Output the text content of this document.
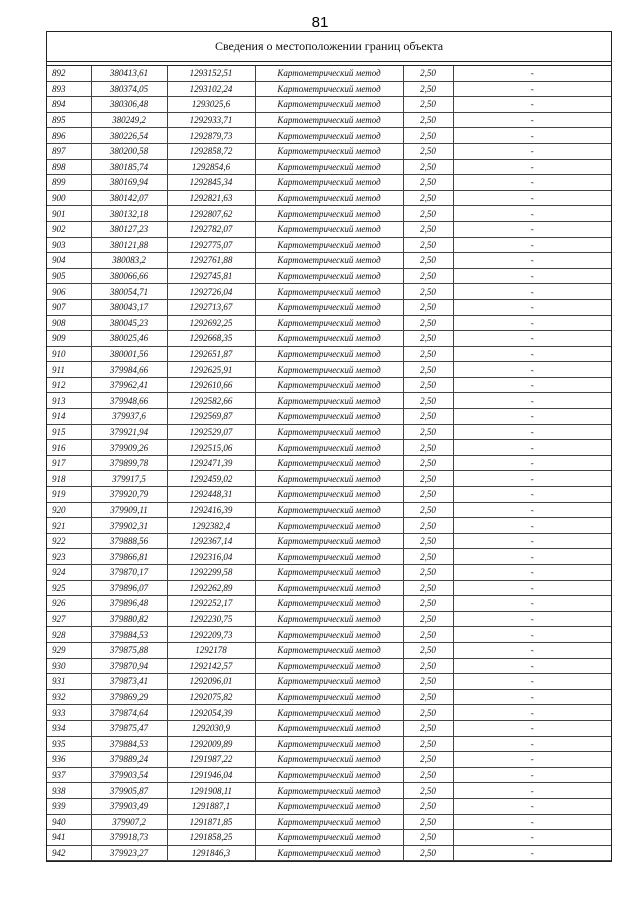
81
Сведения о местоположении границ объекта
892	380413,61	1293152,51	Картометрический метод	2,50	-
893	380374,05	1293102,24	Картометрический метод	2,50	-
894	380306,48	1293025,6	Картометрический метод	2,50	-
895	380249,2	1292933,71	Картометрический метод	2,50	-
896	380226,54	1292879,73	Картометрический метод	2,50	-
897	380200,58	1292858,72	Картометрический метод	2,50	-
898	380185,74	1292854,6	Картометрический метод	2,50	-
899	380169,94	1292845,34	Картометрический метод	2,50	-
900	380142,07	1292821,63	Картометрический метод	2,50	-
901	380132,18	1292807,62	Картометрический метод	2,50	-
902	380127,23	1292782,07	Картометрический метод	2,50	-
903	380121,88	1292775,07	Картометрический метод	2,50	-
904	380083,2	1292761,88	Картометрический метод	2,50	-
905	380066,66	1292745,81	Картометрический метод	2,50	-
906	380054,71	1292726,04	Картометрический метод	2,50	-
907	380043,17	1292713,67	Картометрический метод	2,50	-
908	380045,23	1292692,25	Картометрический метод	2,50	-
909	380025,46	1292668,35	Картометрический метод	2,50	-
910	380001,56	1292651,87	Картометрический метод	2,50	-
911	379984,66	1292625,91	Картометрический метод	2,50	-
912	379962,41	1292610,66	Картометрический метод	2,50	-
913	379948,66	1292582,66	Картометрический метод	2,50	-
914	379937,6	1292569,87	Картометрический метод	2,50	-
915	379921,94	1292529,07	Картометрический метод	2,50	-
916	379909,26	1292515,06	Картометрический метод	2,50	-
917	379899,78	1292471,39	Картометрический метод	2,50	-
918	379917,5	1292459,02	Картометрический метод	2,50	-
919	379920,79	1292448,31	Картометрический метод	2,50	-
920	379909,11	1292416,39	Картометрический метод	2,50	-
921	379902,31	1292382,4	Картометрический метод	2,50	-
922	379888,56	1292367,14	Картометрический метод	2,50	-
923	379866,81	1292316,04	Картометрический метод	2,50	-
924	379870,17	1292299,58	Картометрический метод	2,50	-
925	379896,07	1292262,89	Картометрический метод	2,50	-
926	379896,48	1292252,17	Картометрический метод	2,50	-
927	379880,82	1292230,75	Картометрический метод	2,50	-
928	379884,53	1292209,73	Картометрический метод	2,50	-
929	379875,88	1292178	Картометрический метод	2,50	-
930	379870,94	1292142,57	Картометрический метод	2,50	-
931	379873,41	1292096,01	Картометрический метод	2,50	-
932	379869,29	1292075,82	Картометрический метод	2,50	-
933	379874,64	1292054,39	Картометрический метод	2,50	-
934	379875,47	1292030,9	Картометрический метод	2,50	-
935	379884,53	1292009,89	Картометрический метод	2,50	-
936	379889,24	1291987,22	Картометрический метод	2,50	-
937	379903,54	1291946,04	Картометрический метод	2,50	-
938	379905,87	1291908,11	Картометрический метод	2,50	-
939	379903,49	1291887,1	Картометрический метод	2,50	-
940	379907,2	1291871,85	Картометрический метод	2,50	-
941	379918,73	1291858,25	Картометрический метод	2,50	-
942	379923,27	1291846,3	Картометрический метод	2,50	-
